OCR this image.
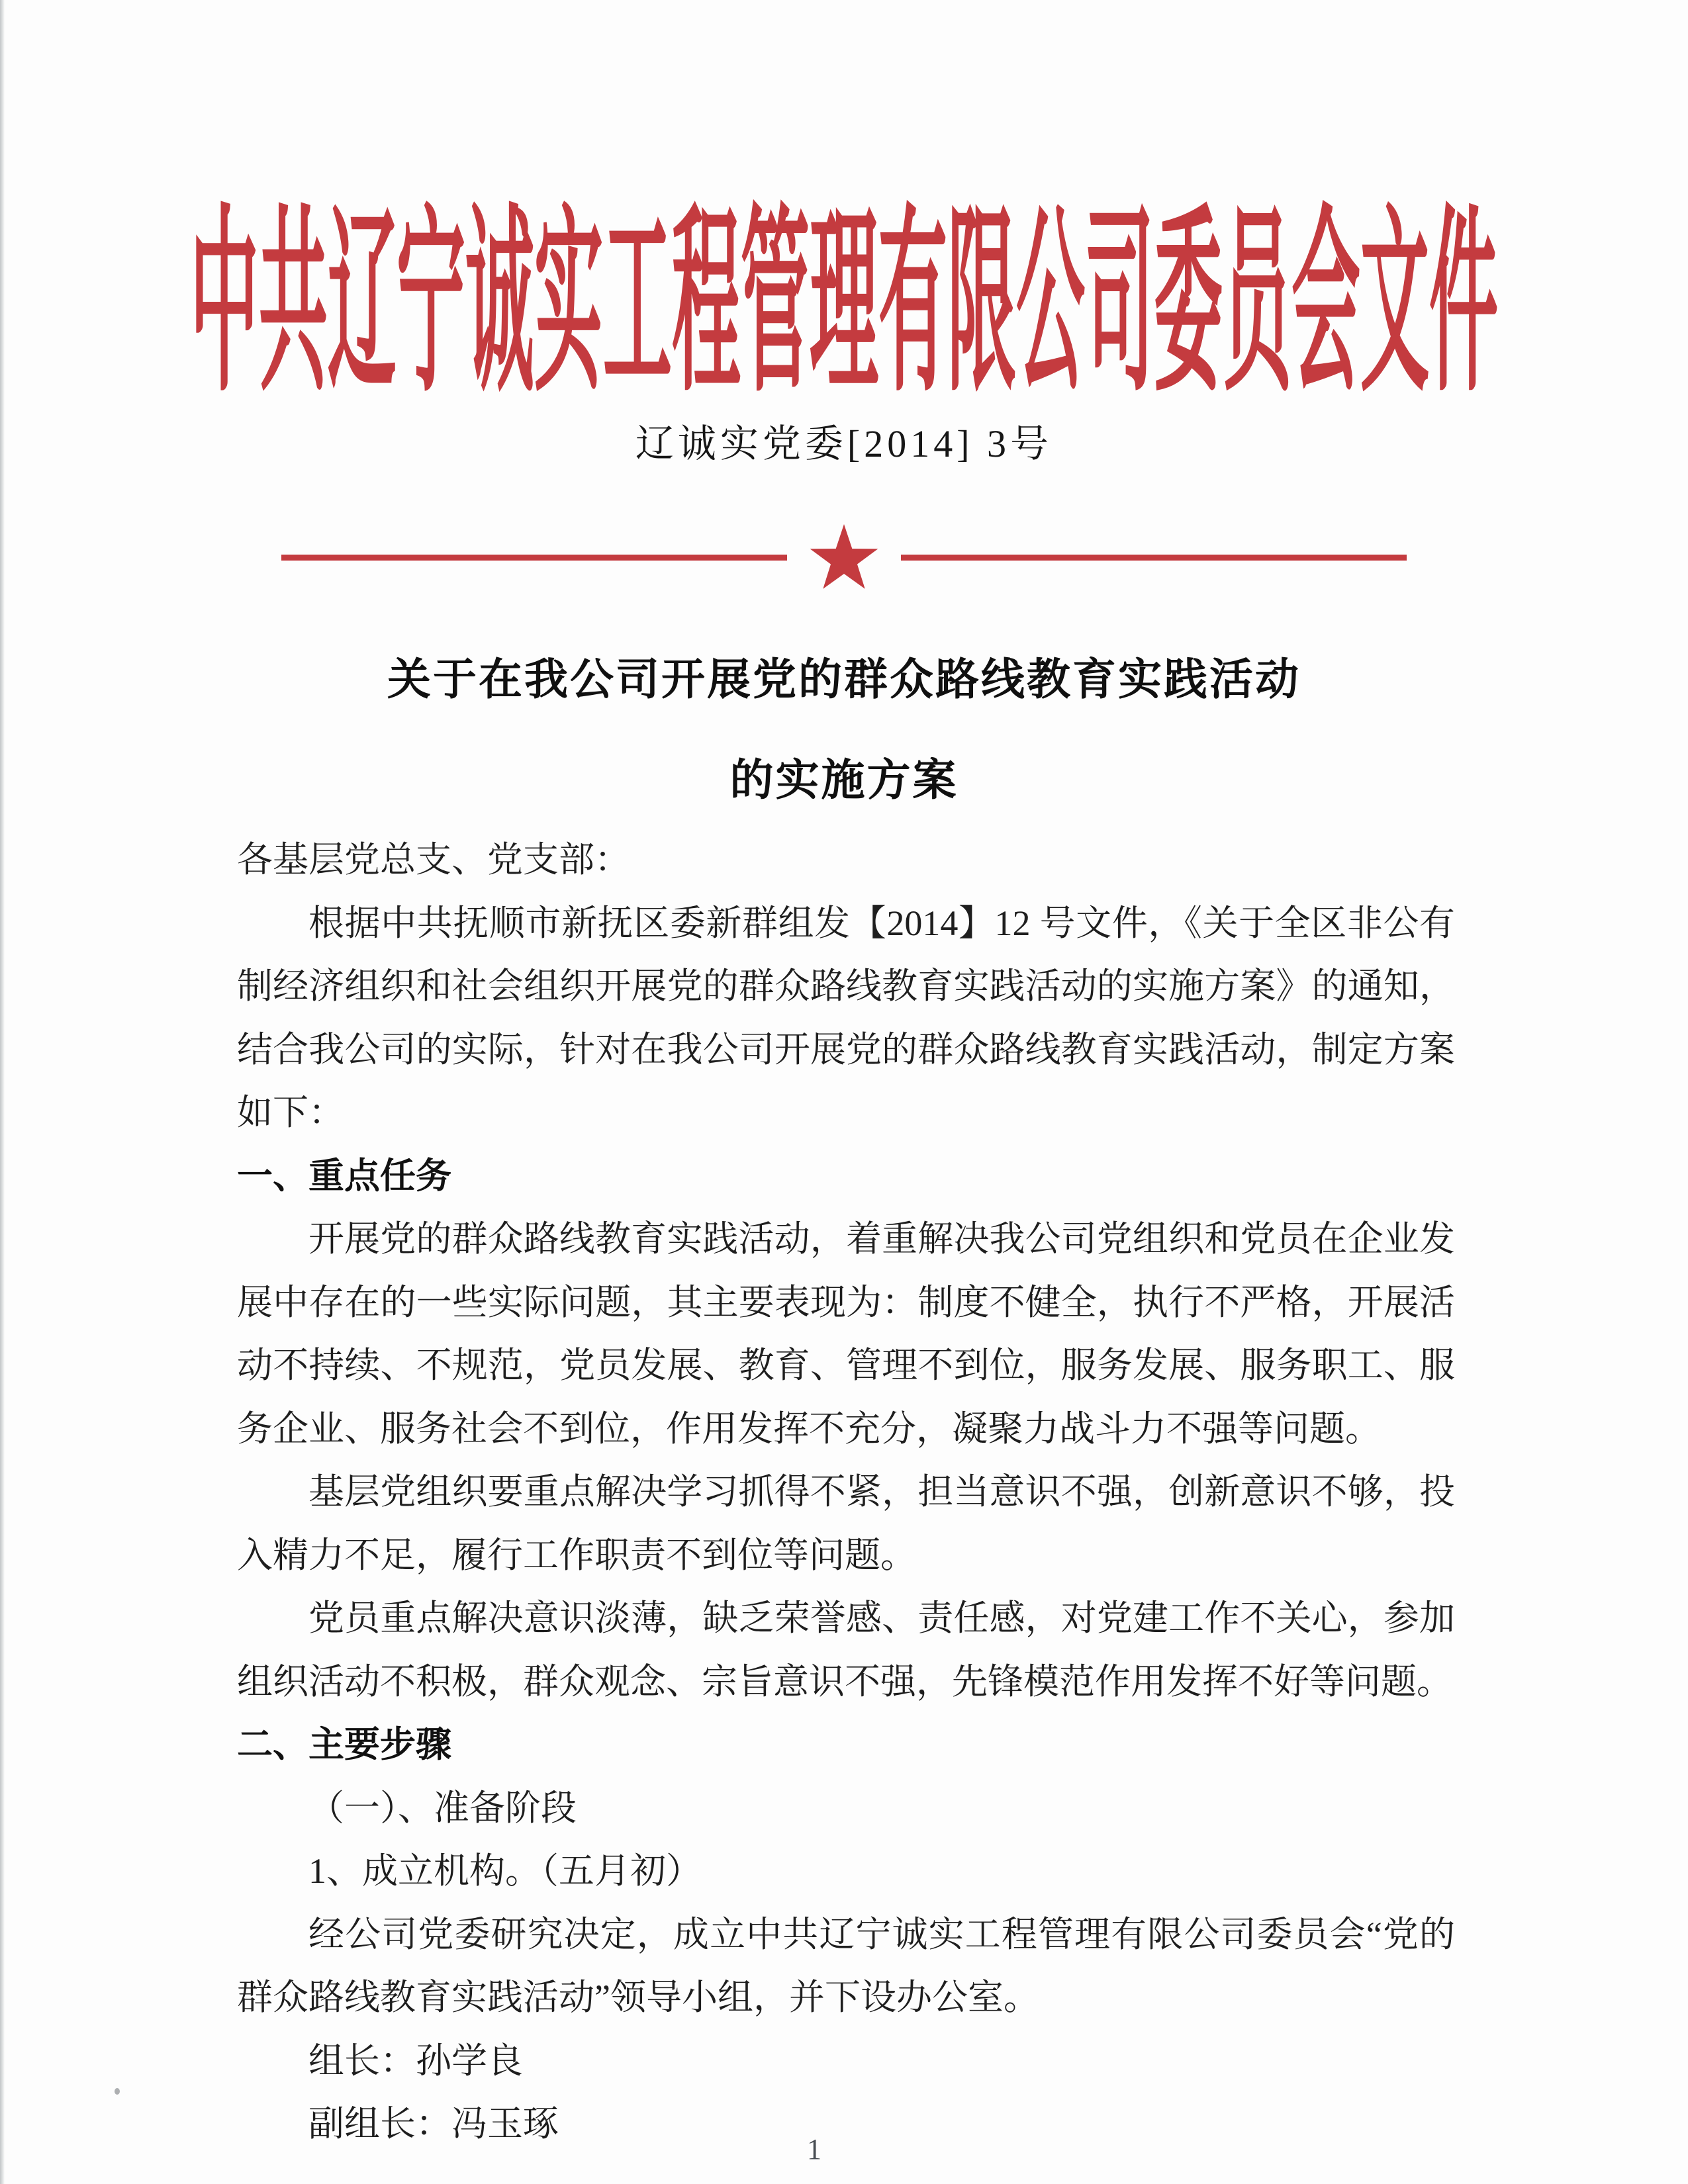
中共辽宁诚实工程管理有限公司委员会文件
辽诚实党委[2014] 3号
关于在我公司开展党的群众路线教育实践活动
的实施方案
各基层党总支、党支部：
根据中共抚顺市新抚区委新群组发【2014】12 号文件，《关于全区非公有制经济组织和社会组织开展党的群众路线教育实践活动的实施方案》的通知，结合我公司的实际，针对在我公司开展党的群众路线教育实践活动，制定方案如下：
一、重点任务
开展党的群众路线教育实践活动，着重解决我公司党组织和党员在企业发展中存在的一些实际问题，其主要表现为：制度不健全，执行不严格，开展活动不持续、不规范，党员发展、教育、管理不到位，服务发展、服务职工、服务企业、服务社会不到位，作用发挥不充分，凝聚力战斗力不强等问题。
基层党组织要重点解决学习抓得不紧，担当意识不强，创新意识不够，投入精力不足，履行工作职责不到位等问题。
党员重点解决意识淡薄，缺乏荣誉感、责任感，对党建工作不关心，参加组织活动不积极，群众观念、宗旨意识不强，先锋模范作用发挥不好等问题。
二、主要步骤
（一）、准备阶段
1、成立机构。（五月初）
经公司党委研究决定，成立中共辽宁诚实工程管理有限公司委员会“党的群众路线教育实践活动”领导小组，并下设办公室。
组长：孙学良
副组长：冯玉琢
1
